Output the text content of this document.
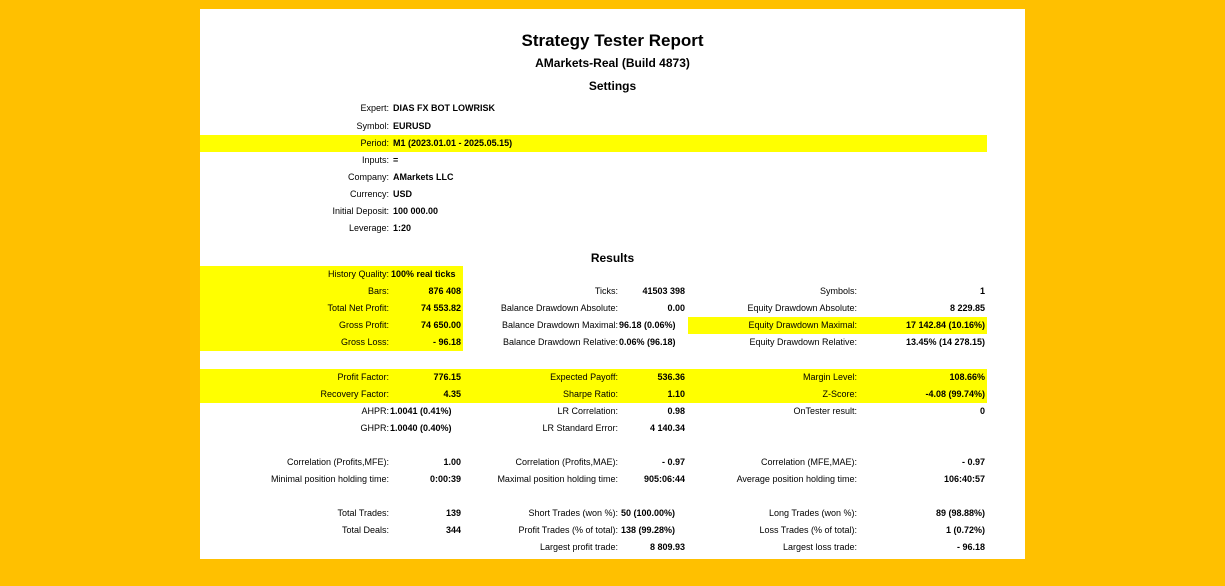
Strategy Tester Report
AMarkets-Real (Build 4873)
Settings
Results
Expert: DIAS FX BOT LOWRISK
Symbol: EURUSD
Period: M1 (2023.01.01 - 2025.05.15)
Inputs: =
Company: AMarkets LLC
Currency: USD
Initial Deposit: 100 000.00
Leverage: 1:20
History Quality: 100% real ticks
Bars:	876 408	Ticks:	41503 398	Symbols:	1
Total Net Profit:	74 553.82	Balance Drawdown Absolute:	0.00	Equity Drawdown Absolute:	8 229.85
Gross Profit:	74 650.00	Balance Drawdown Maximal: 96.18 (0.06%)	Equity Drawdown Maximal:	17 142.84 (10.16%)
Gross Loss:	- 96.18	Balance Drawdown Relative: 0.06% (96.18)	Equity Drawdown Relative:	13.45% (14 278.15)
Profit Factor:	776.15	Expected Payoff:	536.36	Margin Level:	108.66%
Recovery Factor:	4.35	Sharpe Ratio:	1.10	Z-Score:	-4.08 (99.74%)
AHPR: 1.0041 (0.41%)	LR Correlation:	0.98	OnTester result:	0
GHPR: 1.0040 (0.40%)	LR Standard Error:	4 140.34
Correlation (Profits,MFE):	1.00	Correlation (Profits,MAE):	- 0.97	Correlation (MFE,MAE):	- 0.97
Minimal position holding time:	0:00:39	Maximal position holding time:	905:06:44	Average position holding time:	106:40:57
Total Trades:	139	Short Trades (won %): 50 (100.00%)	Long Trades (won %):	89 (98.88%)
Total Deals:	344	Profit Trades (% of total): 138 (99.28%)	Loss Trades (% of total):	1 (0.72%)
Largest profit trade:	8 809.93	Largest loss trade:	- 96.18
